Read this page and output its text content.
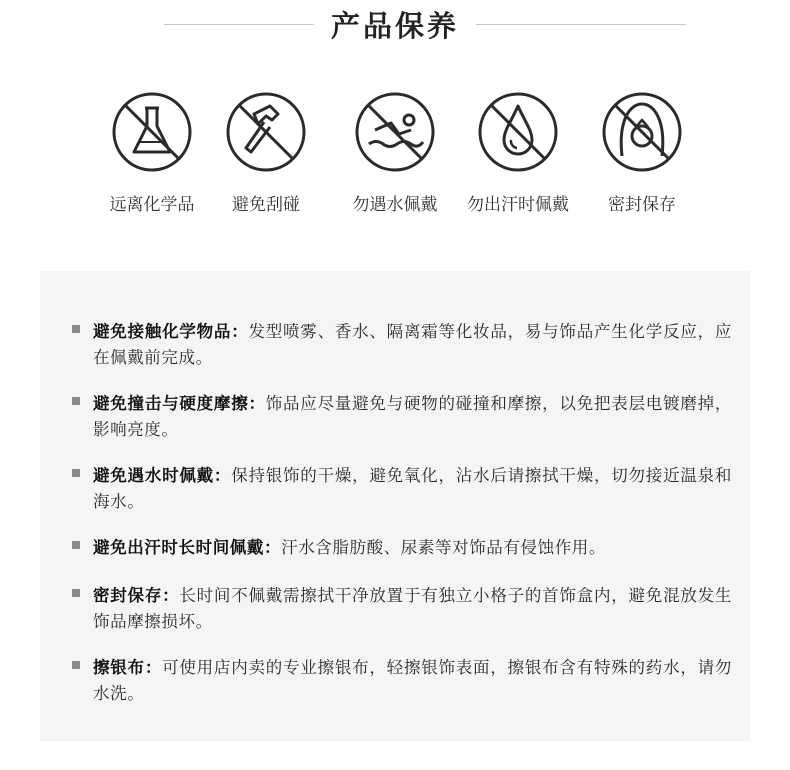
产品保养
远离化学品	避免刮碰	勿遇水佩戴	勿出汗时佩戴	密封保存
避免接触化学物品：发型喷雾、香水、隔离霜等化妆品，易与饰品产生化学反应，应在佩戴前完成。
避免撞击与硬度摩擦：饰品应尽量避免与硬物的碰撞和摩擦，以免把表层电镀磨掉，影响亮度。
避免遇水时佩戴：保持银饰的干燥，避免氧化，沾水后请擦拭干燥，切勿接近温泉和海水。
避免出汗时长时间佩戴：汗水含脂肪酸、尿素等对饰品有侵蚀作用。
密封保存：长时间不佩戴需擦拭干净放置于有独立小格子的首饰盒内，避免混放发生饰品摩擦损坏。
擦银布：可使用店内卖的专业擦银布，轻擦银饰表面，擦银布含有特殊的药水，请勿水洗。
